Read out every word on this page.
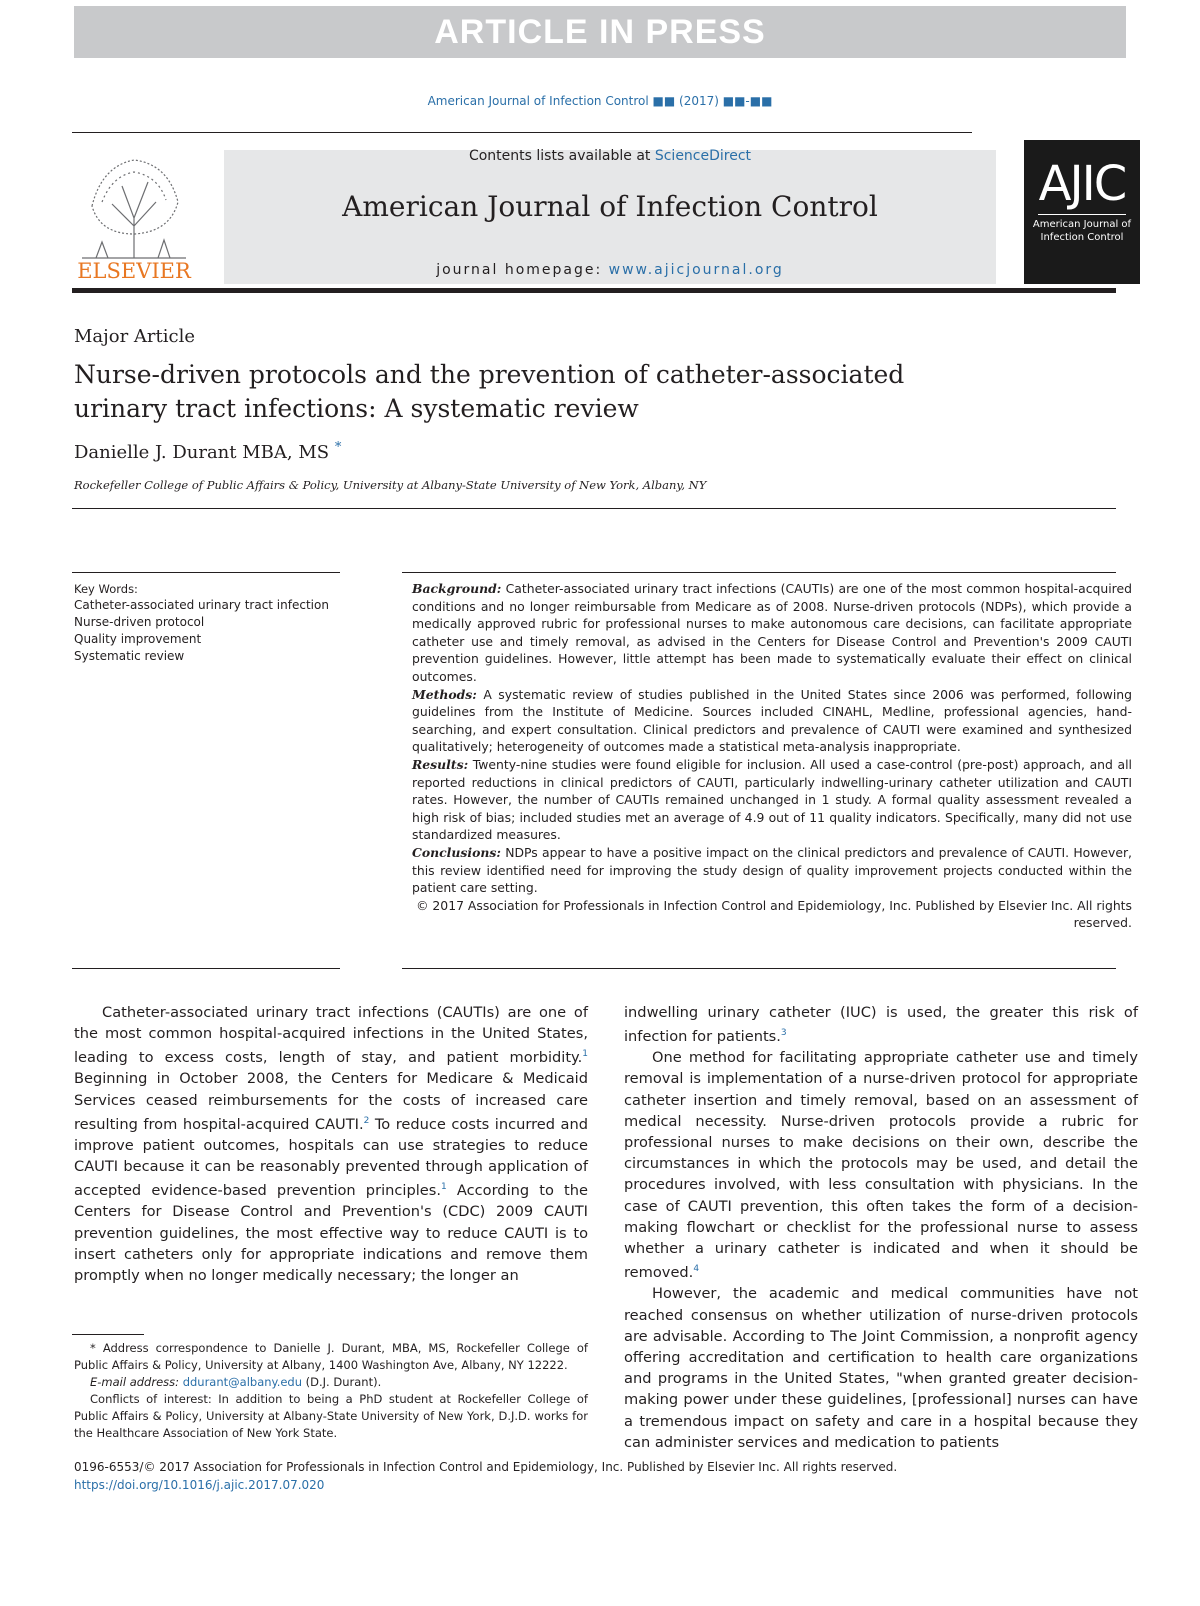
ARTICLE IN PRESS
American Journal of Infection Control ■■ (2017) ■■-■■
ELSEVIER
Contents lists available at ScienceDirect
American Journal of Infection Control
journal homepage: www.ajicjournal.org
AJIC
American Journal of Infection Control
Major Article
Nurse-driven protocols and the prevention of catheter-associated urinary tract infections: A systematic review
Danielle J. Durant MBA, MS *
Rockefeller College of Public Affairs & Policy, University at Albany-State University of New York, Albany, NY
Key Words:
Catheter-associated urinary tract infection
Nurse-driven protocol
Quality improvement
Systematic review

Background: Catheter-associated urinary tract infections (CAUTIs) are one of the most common hospital-acquired conditions and no longer reimbursable from Medicare as of 2008. Nurse-driven protocols (NDPs), which provide a medically approved rubric for professional nurses to make autonomous care decisions, can facilitate appropriate catheter use and timely removal, as advised in the Centers for Disease Control and Prevention's 2009 CAUTI prevention guidelines. However, little attempt has been made to systematically evaluate their effect on clinical outcomes.

Methods: A systematic review of studies published in the United States since 2006 was performed, following guidelines from the Institute of Medicine. Sources included CINAHL, Medline, professional agencies, hand-searching, and expert consultation. Clinical predictors and prevalence of CAUTI were examined and synthesized qualitatively; heterogeneity of outcomes made a statistical meta-analysis inappropriate.

Results: Twenty-nine studies were found eligible for inclusion. All used a case-control (pre-post) approach, and all reported reductions in clinical predictors of CAUTI, particularly indwelling-urinary catheter utilization and CAUTI rates. However, the number of CAUTIs remained unchanged in 1 study. A formal quality assessment revealed a high risk of bias; included studies met an average of 4.9 out of 11 quality indicators. Specifically, many did not use standardized measures.

Conclusions: NDPs appear to have a positive impact on the clinical predictors and prevalence of CAUTI. However, this review identified need for improving the study design of quality improvement projects conducted within the patient care setting.

© 2017 Association for Professionals in Infection Control and Epidemiology, Inc. Published by Elsevier Inc. All rights reserved.

Catheter-associated urinary tract infections (CAUTIs) are one of the most common hospital-acquired infections in the United States, leading to excess costs, length of stay, and patient morbidity.$^1$ Beginning in October 2008, the Centers for Medicare & Medicaid Services ceased reimbursements for the costs of increased care resulting from hospital-acquired CAUTI.$^2$ To reduce costs incurred and improve patient outcomes, hospitals can use strategies to reduce CAUTI because it can be reasonably prevented through application of accepted evidence-based prevention principles.$^1$ According to the Centers for Disease Control and Prevention's (CDC) 2009 CAUTI prevention guidelines, the most effective way to reduce CAUTI is to insert catheters only for appropriate indications and remove them promptly when no longer medically necessary; the longer an

indwelling urinary catheter (IUC) is used, the greater this risk of infection for patients.$^3$

One method for facilitating appropriate catheter use and timely removal is implementation of a nurse-driven protocol for appropriate catheter insertion and timely removal, based on an assessment of medical necessity. Nurse-driven protocols provide a rubric for professional nurses to make decisions on their own, describe the circumstances in which the protocols may be used, and detail the procedures involved, with less consultation with physicians. In the case of CAUTI prevention, this often takes the form of a decision-making flowchart or checklist for the professional nurse to assess whether a urinary catheter is indicated and when it should be removed.$^4$

However, the academic and medical communities have not reached consensus on whether utilization of nurse-driven protocols are advisable. According to The Joint Commission, a nonprofit agency offering accreditation and certification to health care organizations and programs in the United States, "when granted greater decision-making power under these guidelines, [professional] nurses can have a tremendous impact on safety and care in a hospital because they can administer services and medication to patients

* Address correspondence to Danielle J. Durant, MBA, MS, Rockefeller College of Public Affairs & Policy, University at Albany, 1400 Washington Ave, Albany, NY 12222.

E-mail address: ddurant@albany.edu (D.J. Durant).

Conflicts of interest: In addition to being a PhD student at Rockefeller College of Public Affairs & Policy, University at Albany-State University of New York, D.J.D. works for the Healthcare Association of New York State.

0196-6553/© 2017 Association for Professionals in Infection Control and Epidemiology, Inc. Published by Elsevier Inc. All rights reserved.
https://doi.org/10.1016/j.ajic.2017.07.020
